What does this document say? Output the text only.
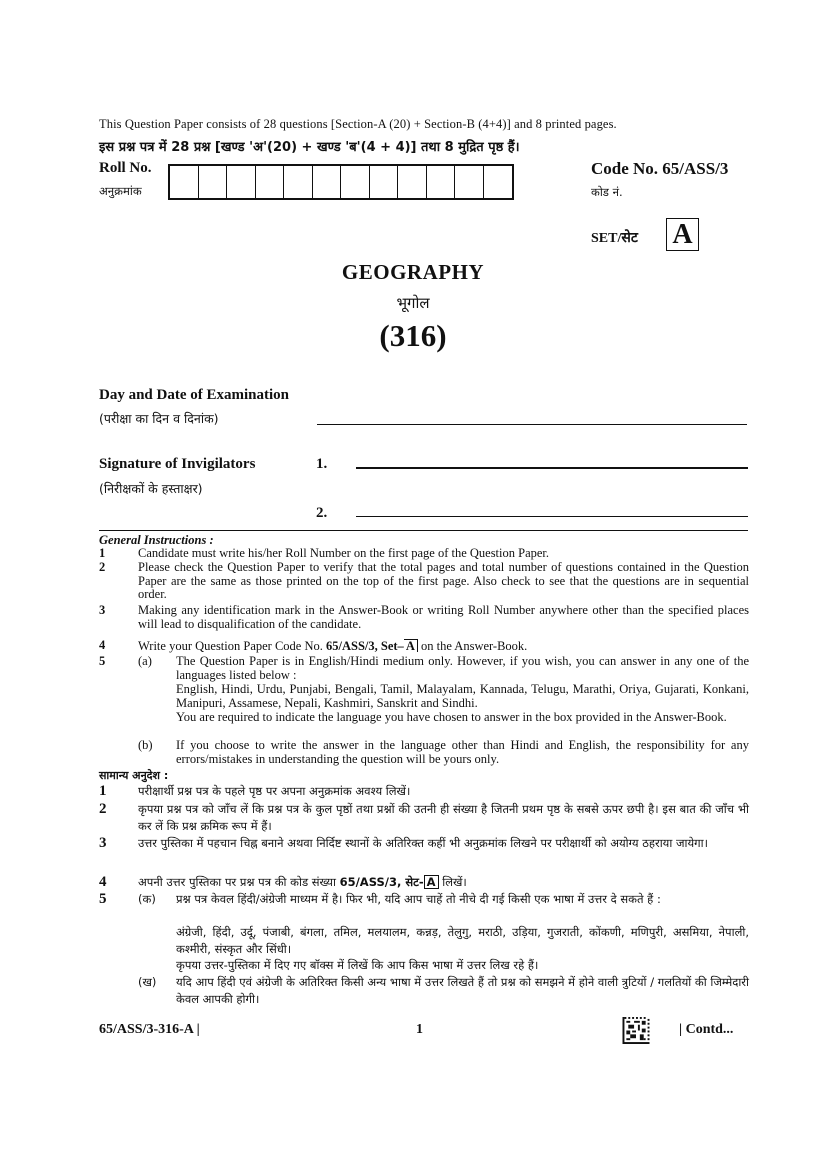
This Question Paper consists of 28 questions [Section-A (20) + Section-B (4+4)] and 8 printed pages.
इस प्रश्न पत्र में 28 प्रश्न [खण्ड 'अ'(20) + खण्ड 'ब'(4 + 4)] तथा 8 मुद्रित पृष्ठ हैं।
Roll No.
अनुक्रमांक
Code No. 65/ASS/3
कोड नं.
SET/सेट A
GEOGRAPHY
भूगोल
(316)
Day and Date of Examination
(परीक्षा का दिन व दिनांक)
Signature of Invigilators
(निरीक्षकों के हस्ताक्षर)
1.
2.
General Instructions :
1	Candidate must write his/her Roll Number on the first page of the Question Paper.
2	Please check the Question Paper to verify that the total pages and total number of questions contained in the Question Paper are the same as those printed on the top of the first page. Also check to see that the questions are in sequential order.
3	Making any identification mark in the Answer-Book or writing Roll Number anywhere other than the specified places will lead to disqualification of the candidate.
4	Write your Question Paper Code No. 65/ASS/3, Set– A on the Answer-Book.
5	(a) The Question Paper is in English/Hindi medium only. However, if you wish, you can answer in any one of the languages listed below :
English, Hindi, Urdu, Punjabi, Bengali, Tamil, Malayalam, Kannada, Telugu, Marathi, Oriya, Gujarati, Konkani, Manipuri, Assamese, Nepali, Kashmiri, Sanskrit and Sindhi.
You are required to indicate the language you have chosen to answer in the box provided in the Answer-Book.
(b) If you choose to write the answer in the language other than Hindi and English, the responsibility for any errors/mistakes in understanding the question will be yours only.
सामान्य अनुदेश :
1	परीक्षार्थी प्रश्न पत्र के पहले पृष्ठ पर अपना अनुक्रमांक अवश्य लिखें।
2	कृपया प्रश्न पत्र को जाँच लें कि प्रश्न पत्र के कुल पृष्ठों तथा प्रश्नों की उतनी ही संख्या है जितनी प्रथम पृष्ठ के सबसे ऊपर छपी है। इस बात की जाँच भी कर लें कि प्रश्न क्रमिक रूप में हैं।
3	उत्तर पुस्तिका में पहचान चिह्न बनाने अथवा निर्दिष्ट स्थानों के अतिरिक्त कहीं भी अनुक्रमांक लिखने पर परीक्षार्थी को अयोग्य ठहराया जायेगा।
4	अपनी उत्तर पुस्तिका पर प्रश्न पत्र की कोड संख्या 65/ASS/3, सेट- A लिखें।
5	(क) प्रश्न पत्र केवल हिंदी/अंग्रेजी माध्यम में है। फिर भी, यदि आप चाहें तो नीचे दी गई किसी एक भाषा में उत्तर दे सकते हैं :
अंग्रेजी, हिंदी, उर्दू, पंजाबी, बंगला, तमिल, मलयालम, कन्नड़, तेलुगु, मराठी, उड़िया, गुजराती, कोंकणी, मणिपुरी, असमिया, नेपाली, कश्मीरी, संस्कृत और सिंधी।
कृपया उत्तर-पुस्तिका में दिए गए बॉक्स में लिखें कि आप किस भाषा में उत्तर लिख रहे हैं।
(ख) यदि आप हिंदी एवं अंग्रेजी के अतिरिक्त किसी अन्य भाषा में उत्तर लिखते हैं तो प्रश्न को समझने में होने वाली त्रुटियों / गलतियों की जिम्मेदारी केवल आपकी होगी।
65/ASS/3-316-A |	1	| Contd...
